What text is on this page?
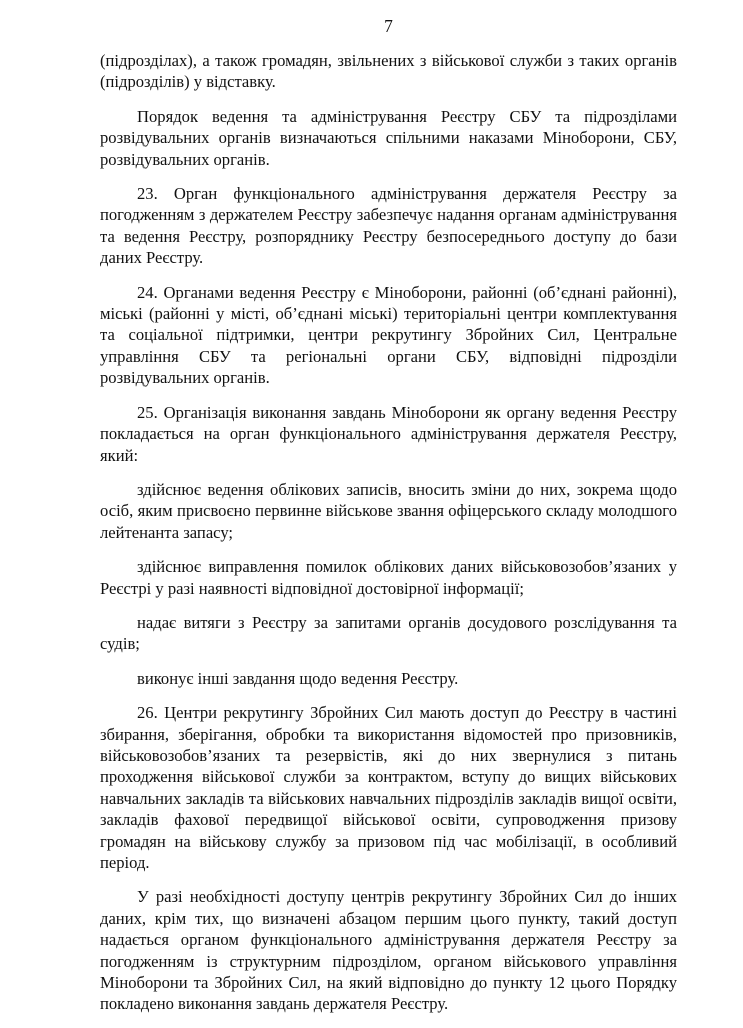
7

(підрозділах), а також громадян, звільнених з військової служби з таких органів (підрозділів) у відставку.

Порядок ведення та адміністрування Реєстру СБУ та підрозділами розвідувальних органів визначаються спільними наказами Міноборони, СБУ, розвідувальних органів.

23. Орган функціонального адміністрування держателя Реєстру за погодженням з держателем Реєстру забезпечує надання органам адміністрування та ведення Реєстру, розпоряднику Реєстру безпосереднього доступу до бази даних Реєстру.

24. Органами ведення Реєстру є Міноборони, районні (об’єднані районні), міські (районні у місті, об’єднані міські) територіальні центри комплектування та соціальної підтримки, центри рекрутингу Збройних Сил, Центральне управління СБУ та регіональні органи СБУ, відповідні підрозділи розвідувальних органів.

25. Організація виконання завдань Міноборони як органу ведення Реєстру покладається на орган функціонального адміністрування держателя Реєстру, який:

здійснює ведення облікових записів, вносить зміни до них, зокрема щодо осіб, яким присвоєно первинне військове звання офіцерського складу молодшого лейтенанта запасу;

здійснює виправлення помилок облікових даних військовозобов’язаних у Реєстрі у разі наявності відповідної достовірної інформації;

надає витяги з Реєстру за запитами органів досудового розслідування та судів;

виконує інші завдання щодо ведення Реєстру.

26. Центри рекрутингу Збройних Сил мають доступ до Реєстру в частині збирання, зберігання, обробки та використання відомостей про призовників, військовозобов’язаних та резервістів, які до них звернулися з питань проходження військової служби за контрактом, вступу до вищих військових навчальних закладів та військових навчальних підрозділів закладів вищої освіти, закладів фахової передвищої військової освіти, супроводження призову громадян на військову службу за призовом під час мобілізації, в особливий період.

У разі необхідності доступу центрів рекрутингу Збройних Сил до інших даних, крім тих, що визначені абзацом першим цього пункту, такий доступ надається органом функціонального адміністрування держателя Реєстру за погодженням із структурним підрозділом, органом військового управління Міноборони та Збройних Сил, на який відповідно до пункту 12 цього Порядку покладено виконання завдань держателя Реєстру.
